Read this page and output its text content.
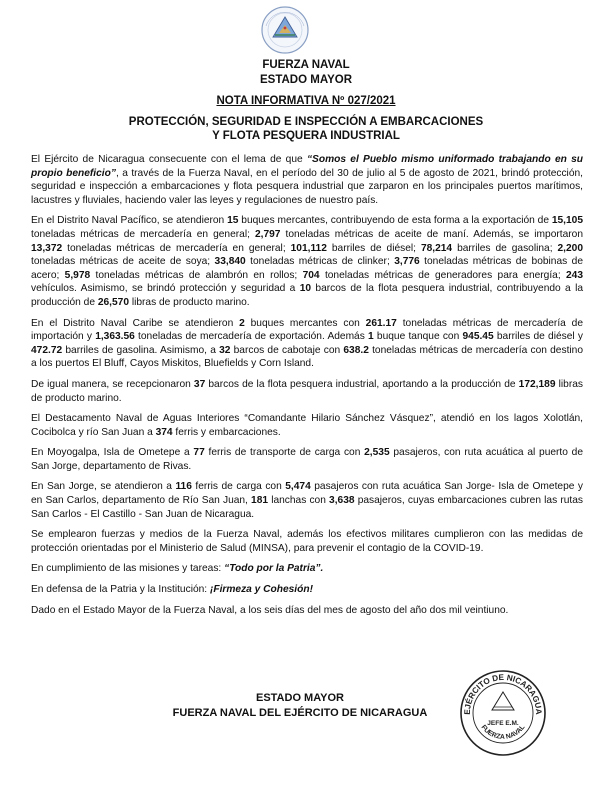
FUERZA NAVAL
ESTADO MAYOR
NOTA INFORMATIVA Nº 027/2021
PROTECCIÓN, SEGURIDAD E INSPECCIÓN A EMBARCACIONES
Y FLOTA PESQUERA INDUSTRIAL

El Ejército de Nicaragua consecuente con el lema de que “Somos el Pueblo mismo uniformado trabajando en su propio beneficio”, a través de la Fuerza Naval, en el período del 30 de julio al 5 de agosto de 2021, brindó protección, seguridad e inspección a embarcaciones y flota pesquera industrial que zarparon en los principales puertos marítimos, lacustres y fluviales, haciendo valer las leyes y regulaciones de nuestro país.

En el Distrito Naval Pacífico, se atendieron 15 buques mercantes, contribuyendo de esta forma a la exportación de 15,105 toneladas métricas de mercadería en general; 2,797 toneladas métricas de aceite de maní. Además, se importaron 13,372 toneladas métricas de mercadería en general; 101,112 barriles de diésel; 78,214 barriles de gasolina; 2,200 toneladas métricas de aceite de soya; 33,840 toneladas métricas de clinker; 3,776 toneladas métricas de bobinas de acero; 5,978 toneladas métricas de alambrón en rollos; 704 toneladas métricas de generadores para energía; 243 vehículos. Asimismo, se brindó protección y seguridad a 10 barcos de la flota pesquera industrial, contribuyendo a la producción de 26,570 libras de producto marino.

En el Distrito Naval Caribe se atendieron 2 buques mercantes con 261.17 toneladas métricas de mercadería de importación y 1,363.56 toneladas de mercadería de exportación. Además 1 buque tanque con 945.45 barriles de diésel y 472.72 barriles de gasolina. Asimismo, a 32 barcos de cabotaje con 638.2 toneladas métricas de mercadería con destino a los puertos El Bluff, Cayos Miskitos, Bluefields y Corn Island.

De igual manera, se recepcionaron 37 barcos de la flota pesquera industrial, aportando a la producción de 172,189 libras de producto marino.

El Destacamento Naval de Aguas Interiores “Comandante Hilario Sánchez Vásquez”, atendió en los lagos Xolotlán, Cocibolca y río San Juan a 374 ferris y embarcaciones.

En Moyogalpa, Isla de Ometepe a 77 ferris de transporte de carga con 2,535 pasajeros, con ruta acuática al puerto de San Jorge, departamento de Rivas.

En San Jorge, se atendieron a 116 ferris de carga con 5,474 pasajeros con ruta acuática San Jorge- Isla de Ometepe y en San Carlos, departamento de Río San Juan, 181 lanchas con 3,638 pasajeros, cuyas embarcaciones cubren las rutas San Carlos - El Castillo - San Juan de Nicaragua.

Se emplearon fuerzas y medios de la Fuerza Naval, además los efectivos militares cumplieron con las medidas de protección orientadas por el Ministerio de Salud (MINSA), para prevenir el contagio de la COVID-19.

En cumplimiento de las misiones y tareas: “Todo por la Patria”.

En defensa de la Patria y la Institución: ¡Firmeza y Cohesión!

Dado en el Estado Mayor de la Fuerza Naval, a los seis días del mes de agosto del año dos mil veintiuno.

ESTADO MAYOR
FUERZA NAVAL DEL EJÉRCITO DE NICARAGUA	EJÉRCITO DE NICARAGUA
JEFE E.M.
FUERZA NAVAL
